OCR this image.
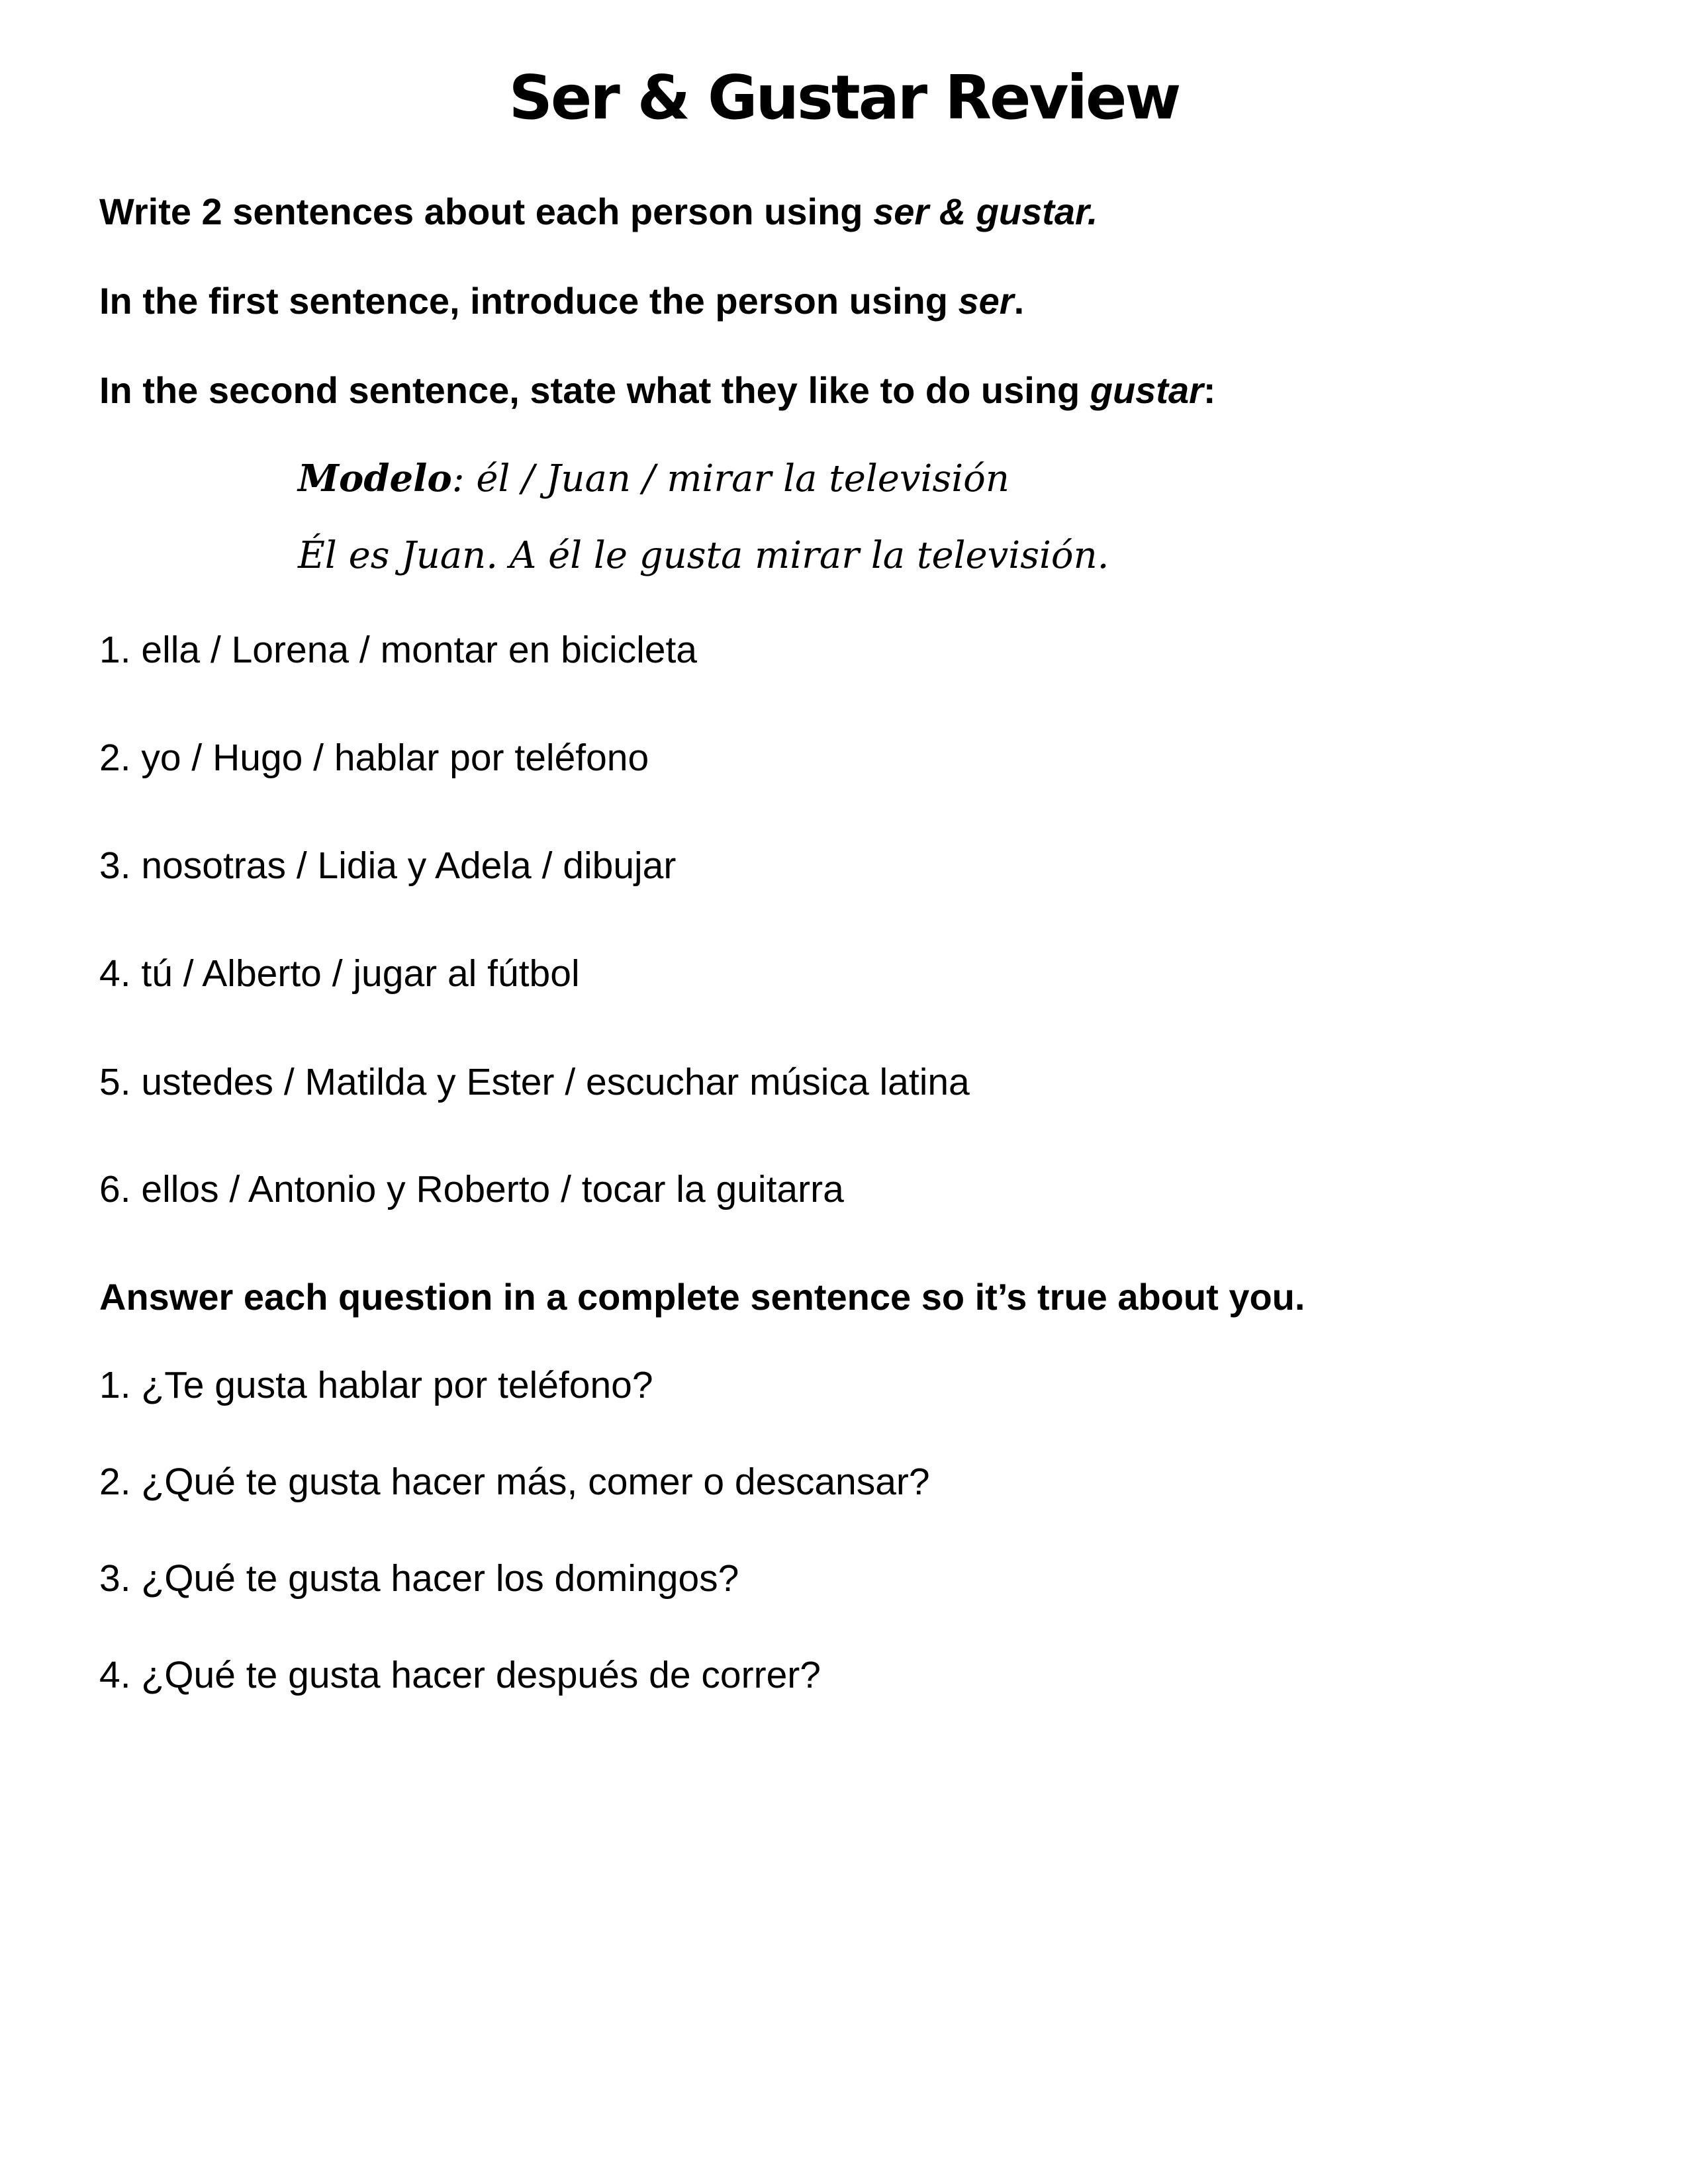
Ser & Gustar Review
Write 2 sentences about each person using ser & gustar.
In the first sentence, introduce the person using ser.
In the second sentence, state what they like to do using gustar:
Modelo: él / Juan / mirar la televisión
Él es Juan. A él le gusta mirar la televisión.
1. ella / Lorena / montar en bicicleta
2. yo / Hugo / hablar por teléfono
3. nosotras / Lidia y Adela / dibujar
4. tú / Alberto / jugar al fútbol
5. ustedes / Matilda y Ester / escuchar música latina
6. ellos / Antonio y Roberto / tocar la guitarra
Answer each question in a complete sentence so it’s true about you.
1. ¿Te gusta hablar por teléfono?
2. ¿Qué te gusta hacer más, comer o descansar?
3. ¿Qué te gusta hacer los domingos?
4. ¿Qué te gusta hacer después de correr?
